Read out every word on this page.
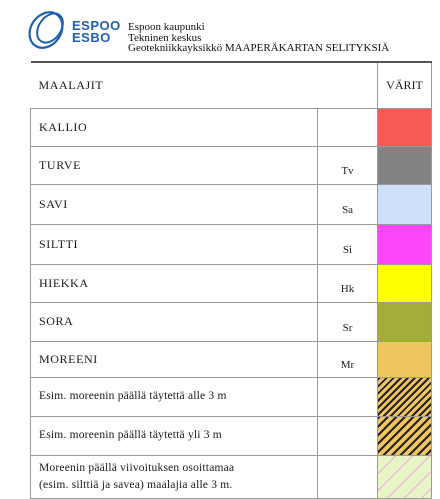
ESPOO
ESBO
Espoon kaupunki
Tekninen keskus
Geotekniikkayksikkö MAAPERÄKARTAN SELITYKSIÄ
MAALAJIT		VÄRIT
KALLIO		

TURVE	Tv	

SAVI	Sa	

SILTTI	Si	

HIEKKA	Hk	

SORA	Sr	

MOREENI	Mr	

Esim. moreenin päällä täytettä alle 3 m		

Esim. moreenin päällä täytettä yli 3 m		

Moreenin päällä viivoituksen osoittamaa
(esim. silttiä ja savea) maalajia alle 3 m.		
